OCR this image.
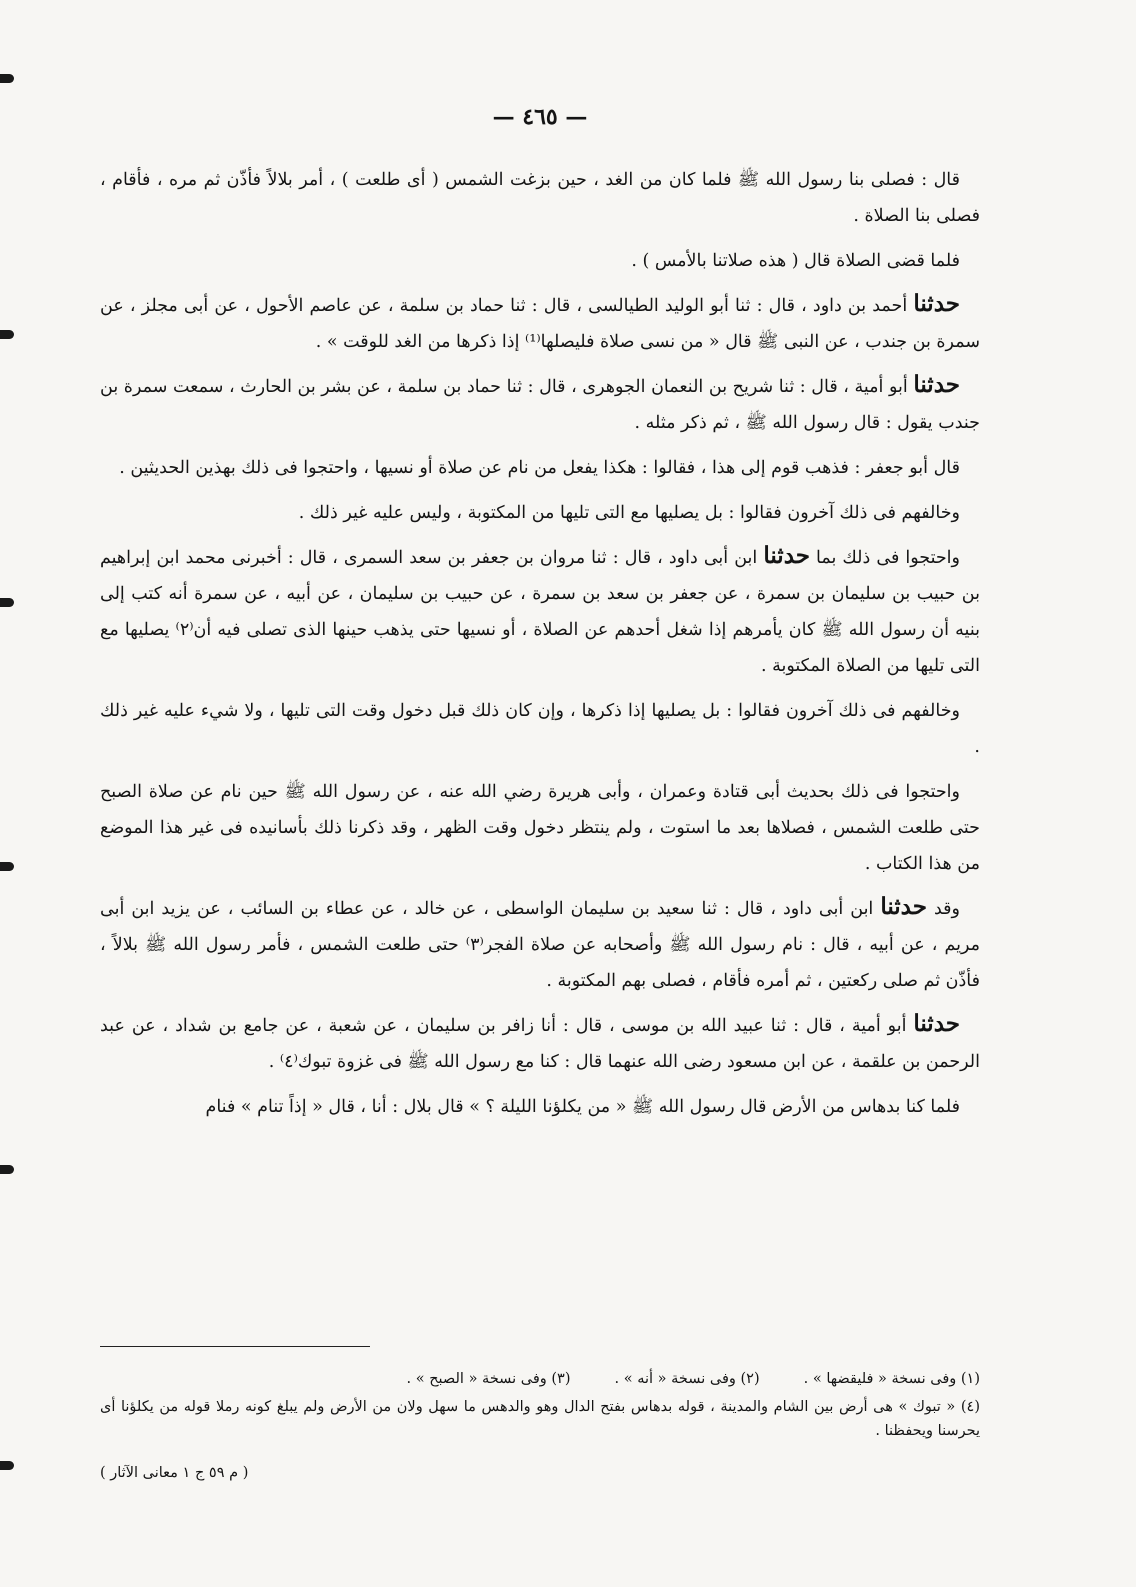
— ٤٦٥ —

قال : فصلى بنا رسول الله ﷺ فلما كان من الغد ، حين بزغت الشمس ( أى طلعت ) ، أمر بلالاً فأذّن ثم مره ، فأقام ، فصلى بنا الصلاة .

فلما قضى الصلاة قال ( هذه صلاتنا بالأمس ) .

حدثنا أحمد بن داود ، قال : ثنا أبو الوليد الطيالسى ، قال : ثنا حماد بن سلمة ، عن عاصم الأحول ، عن أبى مجلز ، عن سمرة بن جندب ، عن النبى ﷺ قال « من نسى صلاة فليصلها⁽¹⁾ إذا ذكرها من الغد للوقت » .

حدثنا أبو أمية ، قال : ثنا شريح بن النعمان الجوهرى ، قال : ثنا حماد بن سلمة ، عن بشر بن الحارث ، سمعت سمرة بن جندب يقول : قال رسول الله ﷺ ، ثم ذكر مثله .

قال أبو جعفر : فذهب قوم إلى هذا ، فقالوا : هكذا يفعل من نام عن صلاة أو نسيها ، واحتجوا فى ذلك بهذين الحديثين .

وخالفهم فى ذلك آخرون فقالوا : بل يصليها مع التى تليها من المكتوبة ، وليس عليه غير ذلك .

واحتجوا فى ذلك بما حدثنا ابن أبى داود ، قال : ثنا مروان بن جعفر بن سعد السمرى ، قال : أخبرنى محمد ابن إبراهيم بن حبيب بن سليمان بن سمرة ، عن جعفر بن سعد بن سمرة ، عن حبيب بن سليمان ، عن أبيه ، عن سمرة أنه كتب إلى بنيه أن رسول الله ﷺ كان يأمرهم إذا شغل أحدهم عن الصلاة ، أو نسيها حتى يذهب حينها الذى تصلى فيه أن⁽٢⁾ يصليها مع التى تليها من الصلاة المكتوبة .

وخالفهم فى ذلك آخرون فقالوا : بل يصليها إذا ذكرها ، وإن كان ذلك قبل دخول وقت التى تليها ، ولا شيء عليه غير ذلك .

واحتجوا فى ذلك بحديث أبى قتادة وعمران ، وأبى هريرة رضي الله عنه ، عن رسول الله ﷺ حين نام عن صلاة الصبح حتى طلعت الشمس ، فصلاها بعد ما استوت ، ولم ينتظر دخول وقت الظهر ، وقد ذكرنا ذلك بأسانيده فى غير هذا الموضع من هذا الكتاب .

وقد حدثنا ابن أبى داود ، قال : ثنا سعيد بن سليمان الواسطى ، عن خالد ، عن عطاء بن السائب ، عن يزيد ابن أبى مريم ، عن أبيه ، قال : نام رسول الله ﷺ وأصحابه عن صلاة الفجر⁽٣⁾ حتى طلعت الشمس ، فأمر رسول الله ﷺ بلالاً ، فأذّن ثم صلى ركعتين ، ثم أمره فأقام ، فصلى بهم المكتوبة .

حدثنا أبو أمية ، قال : ثنا عبيد الله بن موسى ، قال : أنا زافر بن سليمان ، عن شعبة ، عن جامع بن شداد ، عن عبد الرحمن بن علقمة ، عن ابن مسعود رضى الله عنهما قال : كنا مع رسول الله ﷺ فى غزوة تبوك⁽٤⁾ .

فلما كنا بدهاس من الأرض قال رسول الله ﷺ « من يكلؤنا الليلة ؟ » قال بلال : أنا ، قال « إذاً تنام » فنام

(١) وفى نسخة « فليقضها » .
(٢) وفى نسخة « أنه » .
(٣) وفى نسخة « الصبح » .

(٤) « تبوك » هى أرض بين الشام والمدينة ، قوله بدهاس بفتح الدال وهو والدهس ما سهل ولان من الأرض ولم يبلغ كونه رملا قوله من يكلؤنا أى يحرسنا ويحفظنا .

( م ٥٩ ج ١ معانى الآثار )
